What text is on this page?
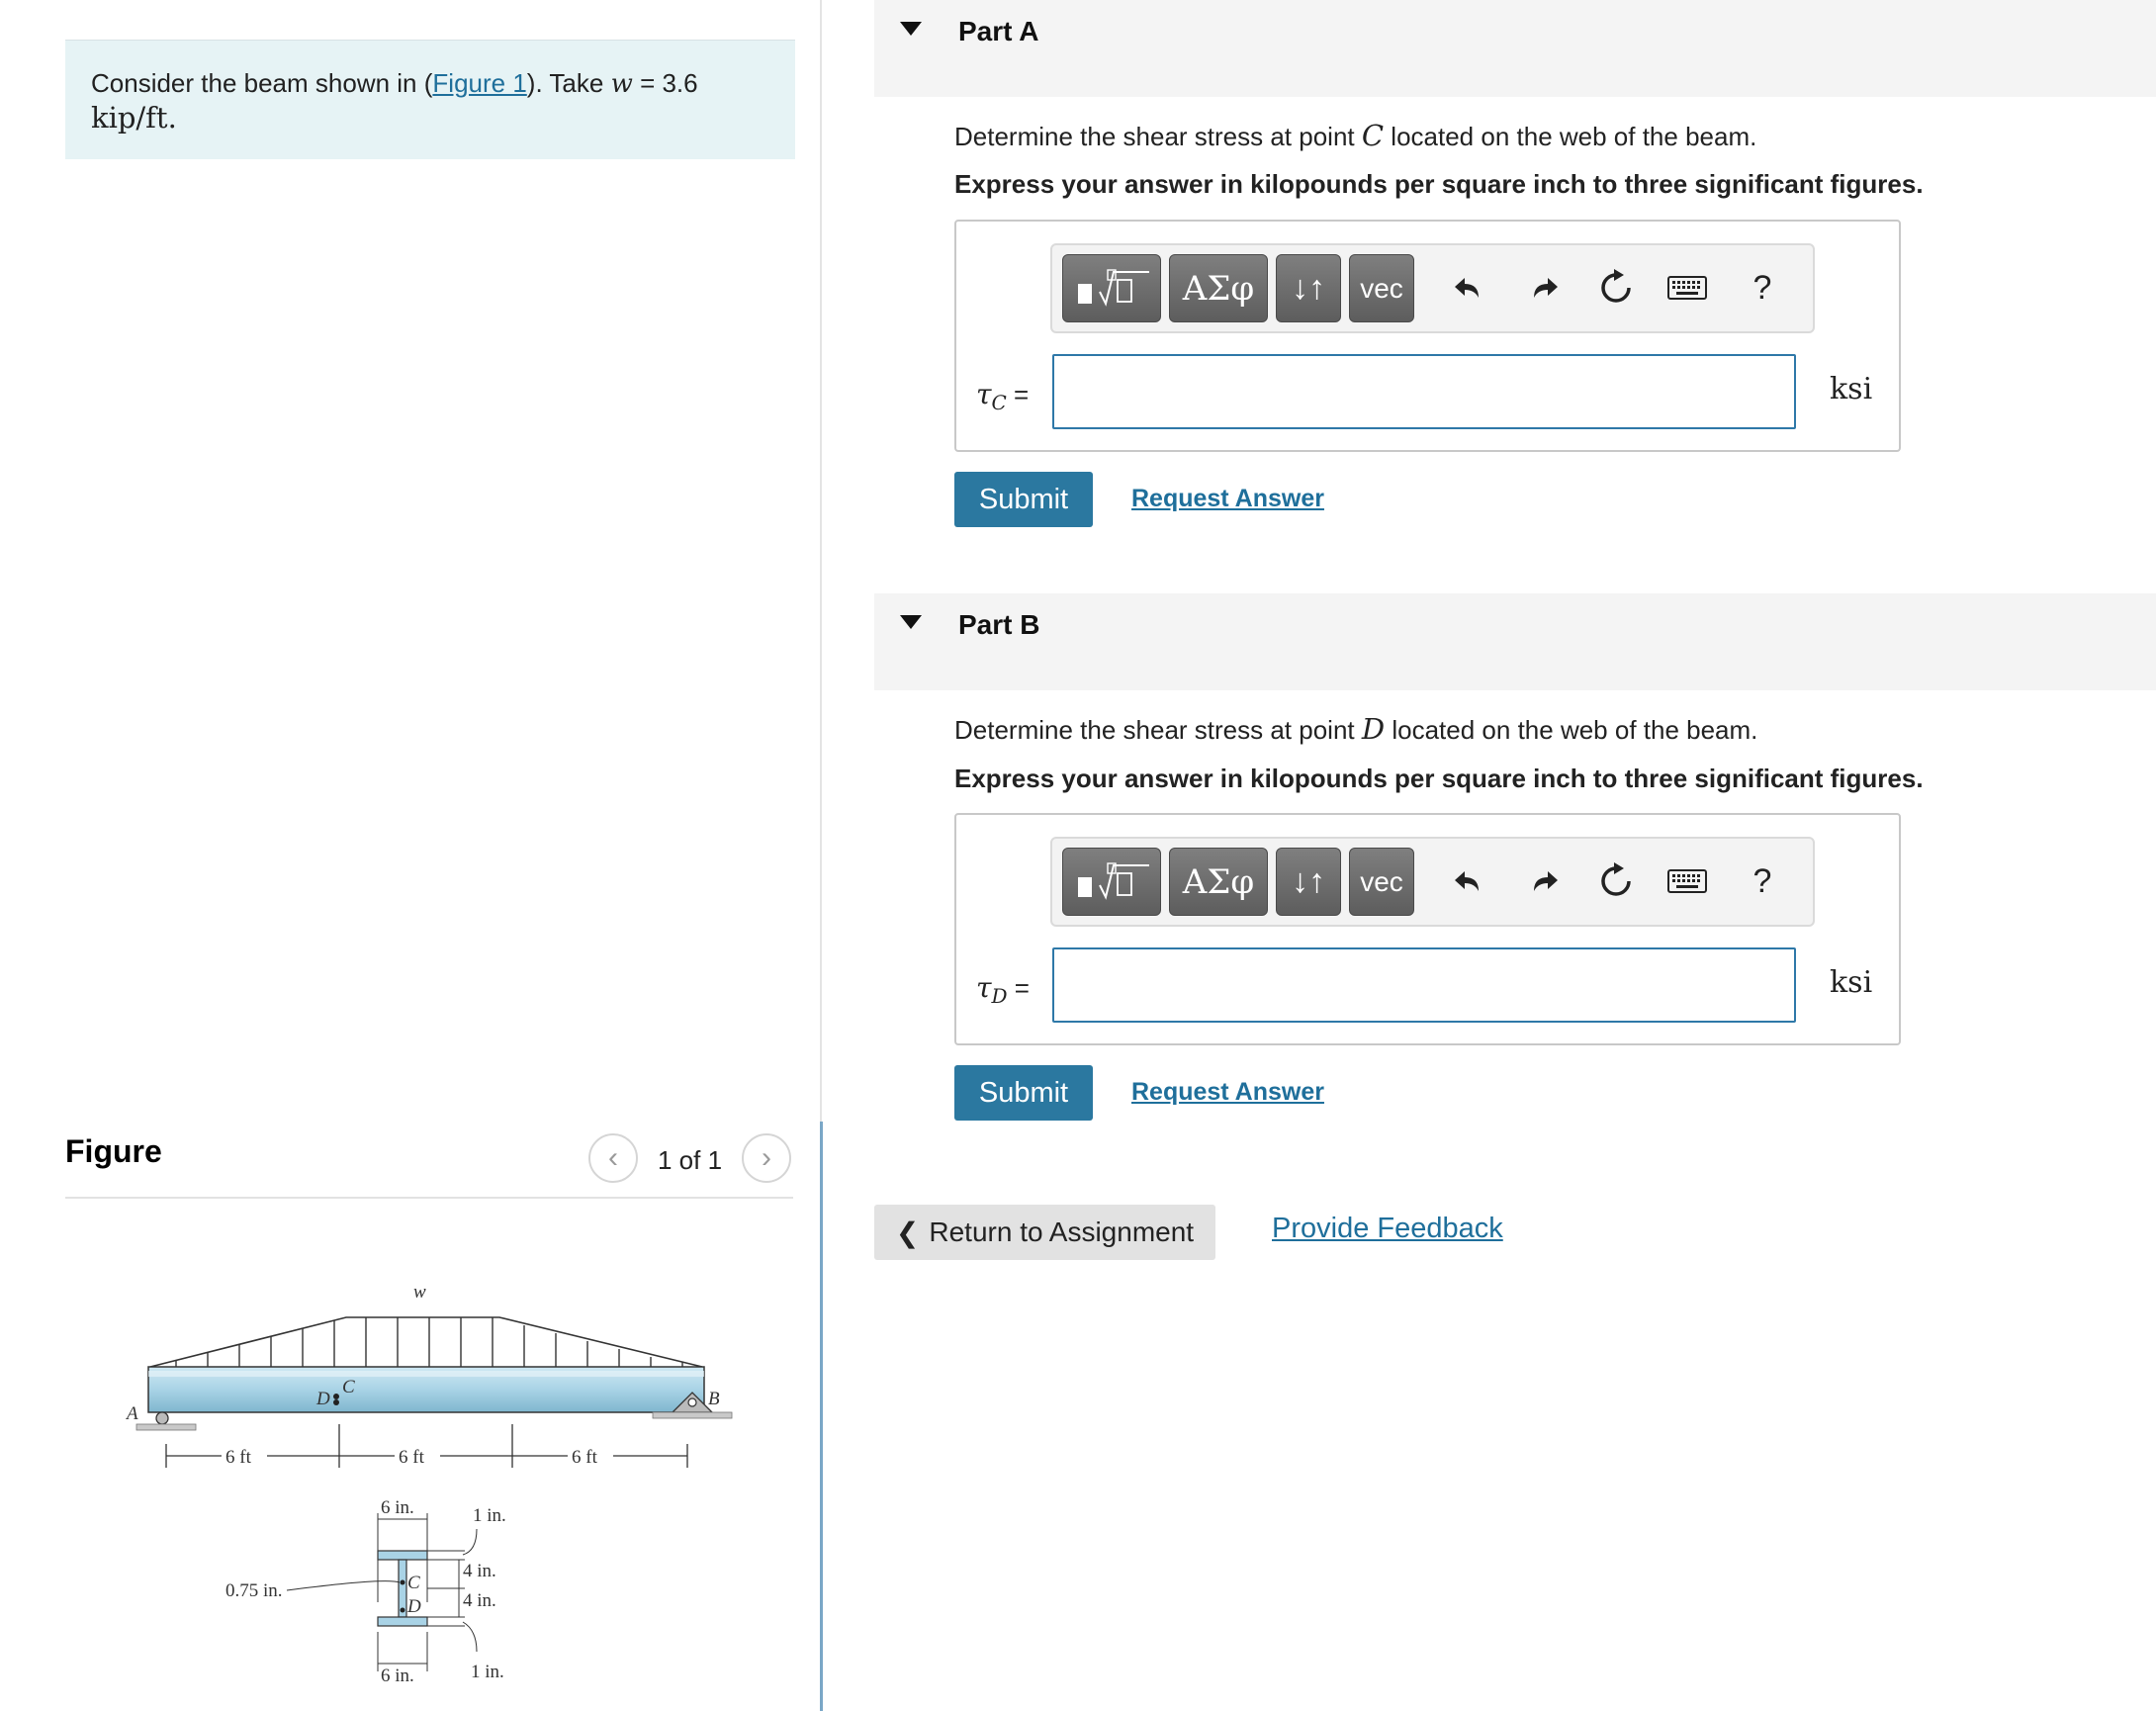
Consider the beam shown in (Figure 1). Take w = 3.6
kip/ft.
Figure	‹ 1 of 1 ›
w
D
C
A
B
6 ft	6 ft	6 ft
6 in.
6 in.
1 in.
4 in.
4 in.
1 in.
0.75 in.	C
D
Part A
Determine the shear stress at point C located on the web of the beam.
Express your answer in kilopounds per square inch to three significant figures.
ΑΣφ	↓↑	vec	?
$\tau_C$ =	ksi
Submit	Request Answer
Part B
Determine the shear stress at point D located on the web of the beam.
Express your answer in kilopounds per square inch to three significant figures.
ΑΣφ	↓↑	vec	?
$\tau_D$ =	ksi
Submit	Request Answer
❮ Return to Assignment	Provide Feedback
